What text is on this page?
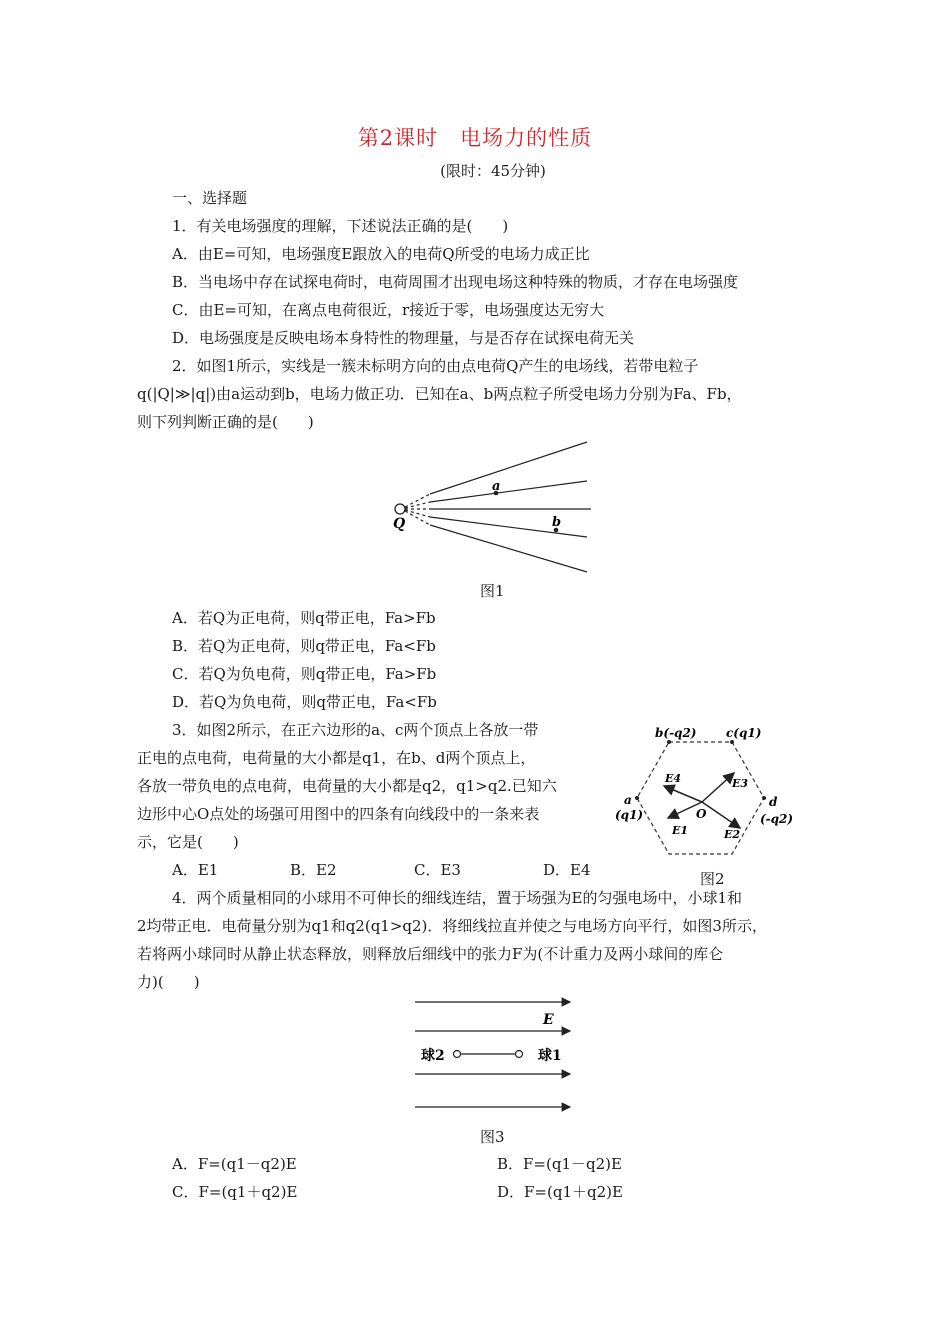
第2课时　电场力的性质
(限时：45分钟)
一、选择题
1．有关电场强度的理解，下述说法正确的是(　　)
A．由E=可知，电场强度E跟放入的电荷Q所受的电场力成正比
B．当电场中存在试探电荷时，电荷周围才出现电场这种特殊的物质，才存在电场强度
C．由E=可知，在离点电荷很近，r接近于零，电场强度达无穷大
D．电场强度是反映电场本身特性的物理量，与是否存在试探电荷无关
2．如图1所示，实线是一簇未标明方向的由点电荷Q产生的电场线，若带电粒子
q(|Q|≫|q|)由a运动到b，电场力做正功．已知在a、b两点粒子所受电场力分别为Fa、Fb，
则下列判断正确的是(　　)
a
b
Q
图1
A．若Q为正电荷，则q带正电，Fa>Fb
B．若Q为正电荷，则q带正电，Fa<Fb
C．若Q为负电荷，则q带正电，Fa>Fb
D．若Q为负电荷，则q带正电，Fa<Fb
3．如图2所示，在正六边形的a、c两个顶点上各放一带
正电的点电荷，电荷量的大小都是q1，在b、d两个顶点上，
各放一带负电的点电荷，电荷量的大小都是q2，q1>q2.已知六
边形中心O点处的场强可用图中的四条有向线段中的一条来表
示，它是(　　)
A．E1	B．E2	C．E3	D．E4
b(-q2) c(q1)
a
(q1)
d
(-q2)
O
E4	E3
E1	E2
图2
4．两个质量相同的小球用不可伸长的细线连结，置于场强为E的匀强电场中，小球1和
2均带正电．电荷量分别为q1和q2(q1>q2)．将细线拉直并使之与电场方向平行，如图3所示，
若将两小球同时从静止状态释放，则释放后细线中的张力F为(不计重力及两小球间的库仑
力)(　　)
E
球2	球1
图3
A．F=(q1－q2)E	B．F=(q1－q2)E
C．F=(q1＋q2)E	D．F=(q1＋q2)E
